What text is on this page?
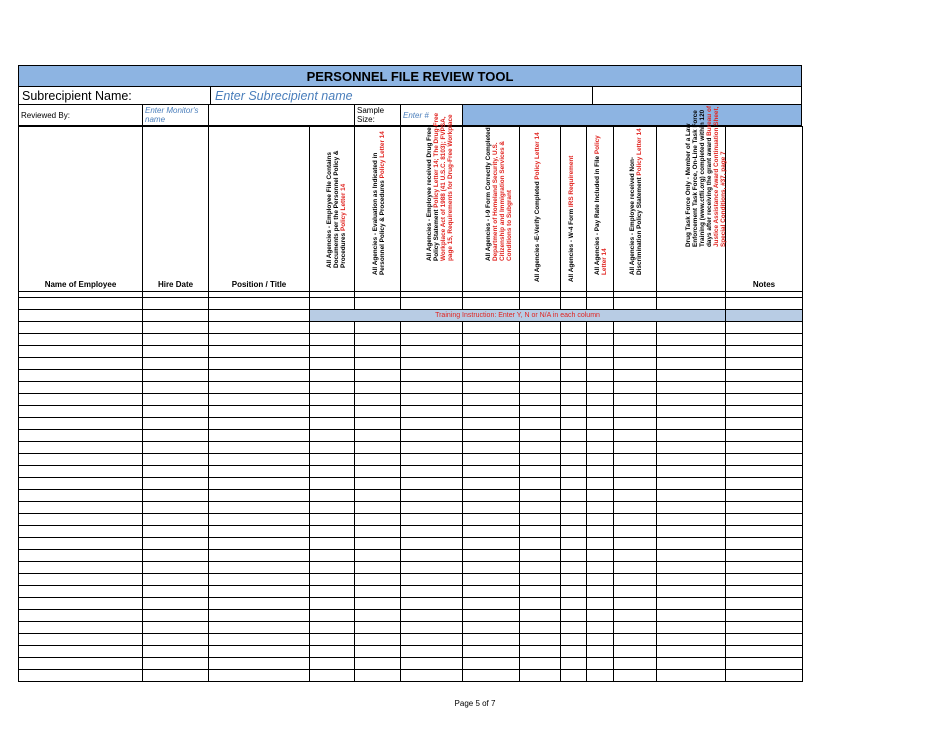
PERSONNEL FILE REVIEW TOOL
Subrecipient Name:	Enter Subrecipient name
Reviewed By:	Enter Monitor's name
Sample Size:	Enter #
Name of Employee	Hire Date	Position / Title	All Agencies - Employee File Contains Documents per the Personnel Policy & Procedures Policy Letter 14	All Agencies - Evaluation as Indicated in Personnel Policy & Procedures Policy Letter 14	All Agencies - Employee received Drug Free Policy Statement Policy Letter 14; The Drug-Free Workplace Act of 1988 (41 U.S.C. 8103); FVPSA, page 15, Requirements for Drug-Free Workplace	All Agencies - I-9 Form Correctly Completed Department of Homeland Security, U.S. Citizenship and Immigration Services & Conditions to Subgrant	All Agencies -E-Verify Completed Policy Letter 14	All Agencies - W-4 Form IRS Requirement	All Agencies - Pay Rate Included in File Policy Letter 14	All Agencies - Employee received Non-Discrimination Policy Statement Policy Letter 14	Drug Task Force Only - Member of a Law Enforcement Task Force, On-Line Task Force Training (www.ctfli.org) completed within 120 days after receiving the grant award Bureau of Justice Assistance Award Continuation Sheet, Special Conditions, #37, page 7	Notes

			Training Instruction: Enter Y, N or N/A in each column									

Page 5 of 7
